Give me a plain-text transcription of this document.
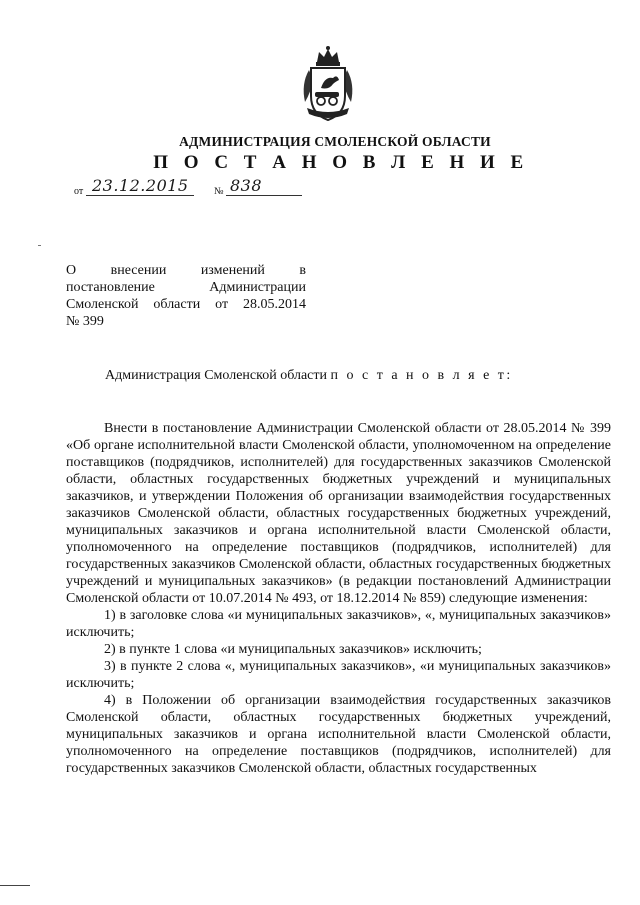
АДМИНИСТРАЦИЯ СМОЛЕНСКОЙ ОБЛАСТИ
П О С Т А Н О В Л Е Н И Е
от 23.12.2015	№ 838
О внесении изменений в
постановление Администрации
Смоленской области от 28.05.2014
№ 399
Администрация Смоленской области п о с т а н о в л я е т:

Внести в постановление Администрации Смоленской области от 28.05.2014 № 399 «Об органе исполнительной власти Смоленской области, уполномоченном на определение поставщиков (подрядчиков, исполнителей) для государственных заказчиков Смоленской области, областных государственных бюджетных учреждений и муниципальных заказчиков, и утверждении Положения об организации взаимодействия государственных заказчиков Смоленской области, областных государственных бюджетных учреждений, муниципальных заказчиков и органа исполнительной власти Смоленской области, уполномоченного на определение поставщиков (подрядчиков, исполнителей) для государственных заказчиков Смоленской области, областных государственных бюджетных учреждений и муниципальных заказчиков» (в редакции постановлений Администрации Смоленской области от 10.07.2014 № 493, от 18.12.2014 № 859) следующие изменения:

1) в заголовке слова «и муниципальных заказчиков», «, муниципальных заказчиков» исключить;

2) в пункте 1 слова «и муниципальных заказчиков» исключить;

3) в пункте 2 слова «, муниципальных заказчиков», «и муниципальных заказчиков» исключить;

4) в Положении об организации взаимодействия государственных заказчиков Смоленской области, областных государственных бюджетных учреждений, муниципальных заказчиков и органа исполнительной власти Смоленской области, уполномоченного на определение поставщиков (подрядчиков, исполнителей) для государственных заказчиков Смоленской области, областных государственных
